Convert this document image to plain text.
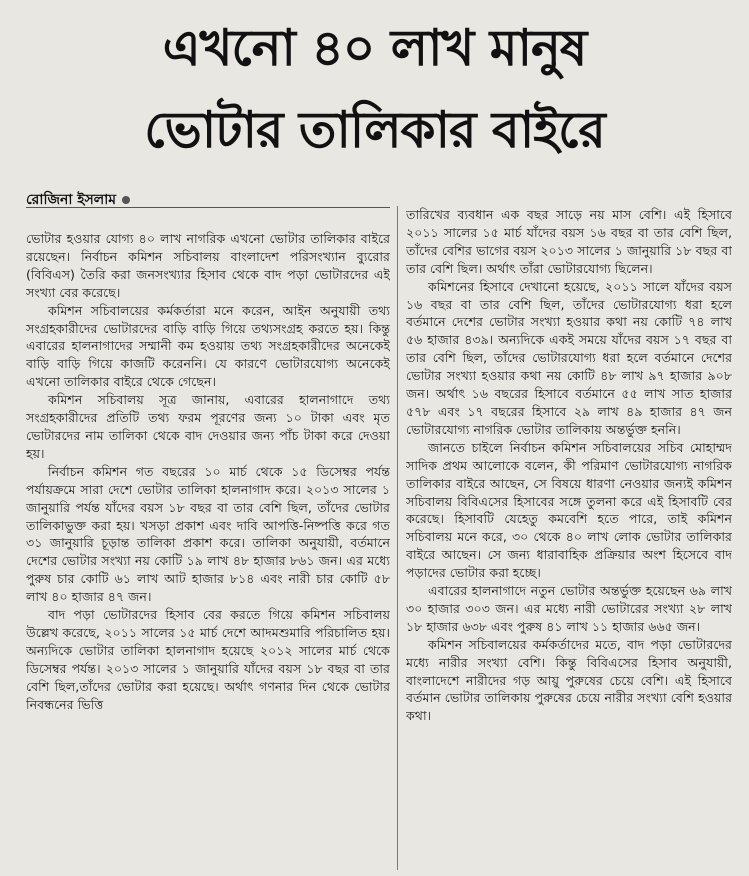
এখনো ৪০ লাখ মানুষ
ভোটার তালিকার বাইরে
রোজিনা ইসলাম

ভোটার হওয়ার যোগ্য ৪০ লাখ নাগরিক এখনো ভোটার তালিকার বাইরে রয়েছেন। নির্বাচন কমিশন সচিবালয় বাংলাদেশ পরিসংখ্যান ব্যুরোর (বিবিএস) তৈরি করা জনসংখ্যার হিসাব থেকে বাদ পড়া ভোটারদের এই সংখ্যা বের করেছে।

কমিশন সচিবালয়ের কর্মকর্তারা মনে করেন, আইন অনুযায়ী তথ্য সংগ্রহকারীদের ভোটারদের বাড়ি বাড়ি গিয়ে তথ্যসংগ্রহ করতে হয়। কিন্তু এবারের হালনাগাদের সম্মানী কম হওয়ায় তথ্য সংগ্রহকারীদের অনেকেই বাড়ি বাড়ি গিয়ে কাজটি করেননি। যে কারণে ভোটারযোগ্য অনেকেই এখনো তালিকার বাইরে থেকে গেছেন।

কমিশন সচিবালয় সূত্র জানায়, এবারের হালনাগাদে তথ্য সংগ্রহকারীদের প্রতিটি তথ্য ফরম পূরণের জন্য ১০ টাকা এবং মৃত ভোটারদের নাম তালিকা থেকে বাদ দেওয়ার জন্য পাঁচ টাকা করে দেওয়া হয়।

নির্বাচন কমিশন গত বছরের ১০ মার্চ থেকে ১৫ ডিসেম্বর পর্যন্ত পর্যায়ক্রমে সারা দেশে ভোটার তালিকা হালনাগাদ করে। ২০১৩ সালের ১ জানুয়ারি পর্যন্ত যাঁদের বয়স ১৮ বছর বা তার বেশি ছিল, তাঁদের ভোটার তালিকাভুক্ত করা হয়। খসড়া প্রকাশ এবং দাবি আপত্তি-নিষ্পত্তি করে গত ৩১ জানুয়ারি চূড়ান্ত তালিকা প্রকাশ করে। তালিকা অনুযায়ী, বর্তমানে দেশের ভোটার সংখ্যা নয় কোটি ১৯ লাখ ৪৮ হাজার ৮৬১ জন। এর মধ্যে পুরুষ চার কোটি ৬১ লাখ আট হাজার ৮১৪ এবং নারী চার কোটি ৫৮ লাখ ৪০ হাজার ৪৭ জন।

বাদ পড়া ভোটারদের হিসাব বের করতে গিয়ে কমিশন সচিবালয় উল্লেখ করেছে, ২০১১ সালের ১৫ মার্চ দেশে আদমশুমারি পরিচালিত হয়। অন্যদিকে ভোটার তালিকা হালনাগাদ হয়েছে ২০১২ সালের মার্চ থেকে ডিসেম্বর পর্যন্ত। ২০১৩ সালের ১ জানুয়ারি যাঁদের বয়স ১৮ বছর বা তার বেশি ছিল,তাঁদের ভোটার করা হয়েছে। অর্থাৎ গণনার দিন থেকে ভোটার নিবন্ধনের ভিত্তি

তারিখের ব্যবধান এক বছর সাড়ে নয় মাস বেশি। এই হিসাবে ২০১১ সালের ১৫ মার্চ যাঁদের বয়স ১৬ বছর বা তার বেশি ছিল, তাঁদের বেশির ভাগের বয়স ২০১৩ সালের ১ জানুয়ারি ১৮ বছর বা তার বেশি ছিল। অর্থাৎ তাঁরা ভোটারযোগ্য ছিলেন।

কমিশনের হিসাবে দেখানো হয়েছে, ২০১১ সালে যাঁদের বয়স ১৬ বছর বা তার বেশি ছিল, তাঁদের ভোটারযোগ্য ধরা হলে বর্তমানে দেশের ভোটার সংখ্যা হওয়ার কথা নয় কোটি ৭৪ লাখ ৫৬ হাজার ৪৩৯। অন্যদিকে একই সময়ে যাঁদের বয়স ১৭ বছর বা তার বেশি ছিল, তাঁদের ভোটারযোগ্য ধরা হলে বর্তমানে দেশের ভোটার সংখ্যা হওয়ার কথা নয় কোটি ৪৮ লাখ ৯৭ হাজার ৯০৮ জন। অর্থাৎ ১৬ বছরের হিসাবে বর্তমানে ৫৫ লাখ সাত হাজার ৫৭৮ এবং ১৭ বছরের হিসাবে ২৯ লাখ ৪৯ হাজার ৪৭ জন ভোটারযোগ্য নাগরিক ভোটার তালিকায় অন্তর্ভুক্ত হননি।

জানতে চাইলে নির্বাচন কমিশন সচিবালয়ের সচিব মোহাম্মদ সাদিক প্রথম আলোকে বলেন, কী পরিমাণ ভোটারযোগ্য নাগরিক তালিকার বাইরে আছেন, সে বিষয়ে ধারণা নেওয়ার জন্যই কমিশন সচিবালয় বিবিএসের হিসাবের সঙ্গে তুলনা করে এই হিসাবটি বের করেছে। হিসাবটি যেহেতু কমবেশি হতে পারে, তাই কমিশন সচিবালয় মনে করে, ৩০ থেকে ৪০ লাখ লোক ভোটার তালিকার বাইরে আছেন। সে জন্য ধারাবাহিক প্রক্রিয়ার অংশ হিসেবে বাদ পড়াদের ভোটার করা হচ্ছে।

এবারের হালনাগাদে নতুন ভোটার অন্তর্ভুক্ত হয়েছেন ৬৯ লাখ ৩০ হাজার ৩০৩ জন। এর মধ্যে নারী ভোটারের সংখ্যা ২৮ লাখ ১৮ হাজার ৬৩৮ এবং পুরুষ ৪১ লাখ ১১ হাজার ৬৬৫ জন।

কমিশন সচিবালয়ের কর্মকর্তাদের মতে, বাদ পড়া ভোটারদের মধ্যে নারীর সংখ্যা বেশি। কিন্তু বিবিএসের হিসাব অনুযায়ী, বাংলাদেশে নারীদের গড় আয়ু পুরুষের চেয়ে বেশি। এই হিসাবে বর্তমান ভোটার তালিকায় পুরুষের চেয়ে নারীর সংখ্যা বেশি হওয়ার কথা।
